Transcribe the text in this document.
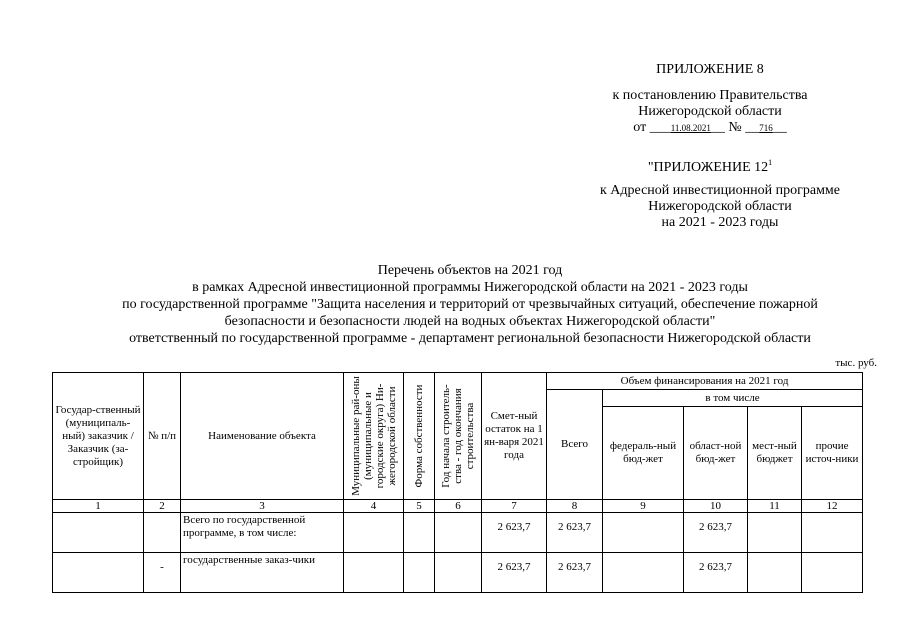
ПРИЛОЖЕНИЕ 8
к постановлению Правительства
Нижегородской области
от ___11.08.2021__ № __716__
"ПРИЛОЖЕНИЕ $12^1$
к Адресной инвестиционной программе
Нижегородской области
на 2021 - 2023 годы
Перечень объектов на 2021 год
в рамках Адресной инвестиционной программы Нижегородской области на 2021 - 2023 годы
по государственной программе "Защита населения и территорий от чрезвычайных ситуаций, обеспечение пожарной
безопасности и безопасности людей на водных объектах Нижегородской области"
ответственный по государственной программе - департамент региональной безопасности Нижегородской области
тыс. руб.
Государ-ственный (муниципаль-ный) заказчик / Заказчик (за-стройщик)	№ п/п	Наименование объекта	Муниципальные рай-оны (муниципальные и городские округа) Ни-жегородской области	Форма собственности	Год начала строитель-ства - год окончания строительства	Смет-ный остаток на 1 ян-варя 2021 года	Объем финансирования на 2021 год				
							Всего	в том числе			
								федераль-ный бюд-жет	област-ной бюд-жет	мест-ный бюджет	прочие источ-ники
1	2	3	4	5	6	7	8	9	10	11	12
		Всего по государственной программе, в том числе:				2 623,7	2 623,7		2 623,7		
	-	государственные заказ-чики				2 623,7	2 623,7		2 623,7		
